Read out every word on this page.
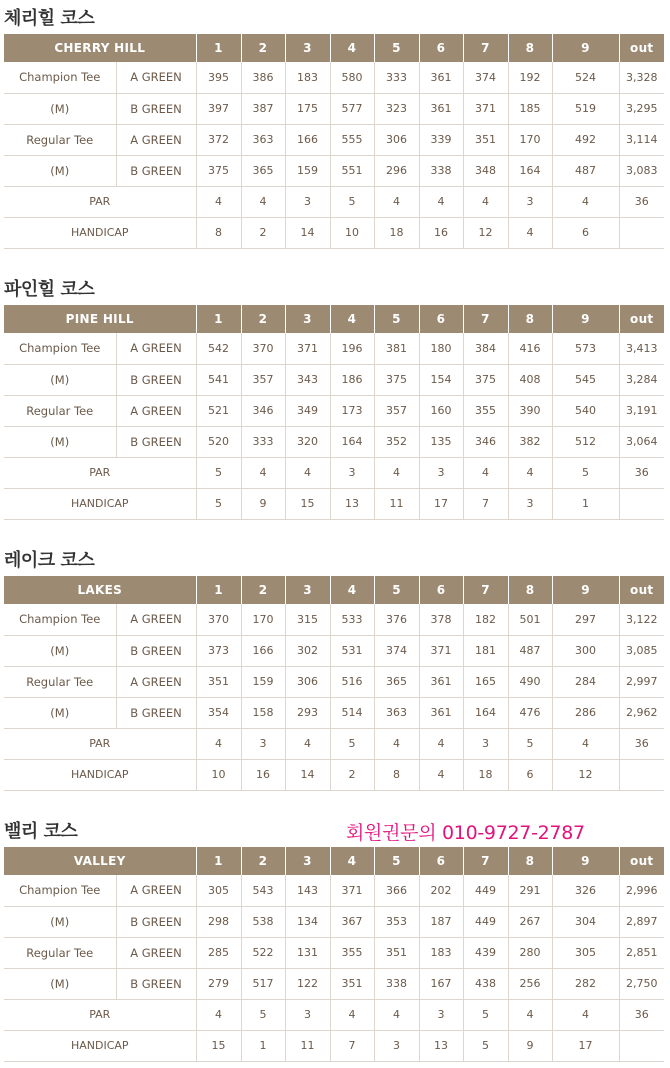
체리힐 코스
CHERRY HILL		1	2	3	4	5	6	7	8	9	out
Champion Tee	A GREEN	395	386	183	580	333	361	374	192	524	3,328
(M)	B GREEN	397	387	175	577	323	361	371	185	519	3,295
Regular Tee	A GREEN	372	363	166	555	306	339	351	170	492	3,114
(M)	B GREEN	375	365	159	551	296	338	348	164	487	3,083
PAR		4	4	3	5	4	4	4	3	4	36
HANDICAP		8	2	14	10	18	16	12	4	6	
파인힐 코스
PINE HILL		1	2	3	4	5	6	7	8	9	out
Champion Tee	A GREEN	542	370	371	196	381	180	384	416	573	3,413
(M)	B GREEN	541	357	343	186	375	154	375	408	545	3,284
Regular Tee	A GREEN	521	346	349	173	357	160	355	390	540	3,191
(M)	B GREEN	520	333	320	164	352	135	346	382	512	3,064
PAR		5	4	4	3	4	3	4	4	5	36
HANDICAP		5	9	15	13	11	17	7	3	1	
레이크 코스
LAKES		1	2	3	4	5	6	7	8	9	out
Champion Tee	A GREEN	370	170	315	533	376	378	182	501	297	3,122
(M)	B GREEN	373	166	302	531	374	371	181	487	300	3,085
Regular Tee	A GREEN	351	159	306	516	365	361	165	490	284	2,997
(M)	B GREEN	354	158	293	514	363	361	164	476	286	2,962
PAR		4	3	4	5	4	4	3	5	4	36
HANDICAP		10	16	14	2	8	4	18	6	12	
밸리 코스	회원권문의 010-9727-2787
VALLEY		1	2	3	4	5	6	7	8	9	out
Champion Tee	A GREEN	305	543	143	371	366	202	449	291	326	2,996
(M)	B GREEN	298	538	134	367	353	187	449	267	304	2,897
Regular Tee	A GREEN	285	522	131	355	351	183	439	280	305	2,851
(M)	B GREEN	279	517	122	351	338	167	438	256	282	2,750
PAR		4	5	3	4	4	3	5	4	4	36
HANDICAP		15	1	11	7	3	13	5	9	17	
